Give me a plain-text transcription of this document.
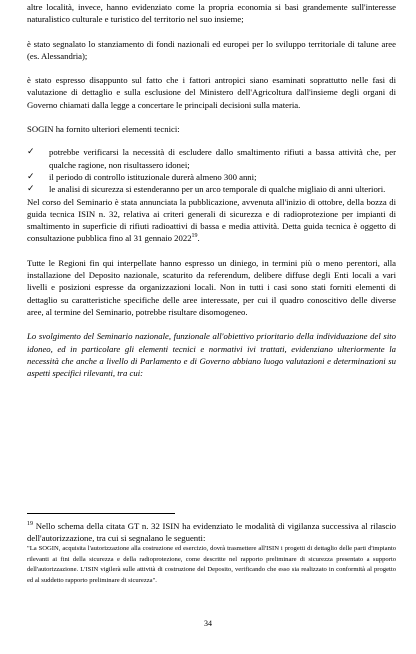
altre località, invece, hanno evidenziato come la propria economia si basi grandemente sull'interesse naturalistico culturale e turistico del territorio nel suo insieme;

è stato segnalato lo stanziamento di fondi nazionali ed europei per lo sviluppo territoriale di talune aree (es. Alessandria);

è stato espresso disappunto sul fatto che i fattori antropici siano esaminati soprattutto nelle fasi di valutazione di dettaglio e sulla esclusione del Ministero dell'Agricoltura dall'insieme degli organi di Governo chiamati dalla legge a concertare le principali decisioni sulla materia.

SOGIN ha fornito ulteriori elementi tecnici:

✓ potrebbe verificarsi la necessità di escludere dallo smaltimento rifiuti a bassa attività che, per qualche ragione, non risultassero idonei;
✓ il periodo di controllo istituzionale durerà almeno 300 anni;
✓ le analisi di sicurezza si estenderanno per un arco temporale di qualche migliaio di anni ulteriori.

Nel corso del Seminario è stata annunciata la pubblicazione, avvenuta all'inizio di ottobre, della bozza di guida tecnica ISIN n. 32, relativa ai criteri generali di sicurezza e di radioprotezione per impianti di smaltimento in superficie di rifiuti radioattivi di bassa e media attività. Detta guida tecnica è oggetto di consultazione pubblica fino al 31 gennaio 2022$^{19}$.

Tutte le Regioni fin qui interpellate hanno espresso un diniego, in termini più o meno perentori, alla installazione del Deposito nazionale, scaturito da referendum, delibere diffuse degli Enti locali a vari livelli e posizioni espresse da organizzazioni locali. Non in tutti i casi sono stati forniti elementi di dettaglio su caratteristiche specifiche delle aree interessate, per cui il quadro conoscitivo delle diverse aree, al termine del Seminario, potrebbe risultare disomogeneo.

Lo svolgimento del Seminario nazionale, funzionale all'obiettivo prioritario della individuazione del sito idoneo, ed in particolare gli elementi tecnici e normativi ivi trattati, evidenziano ulteriormente la necessità che anche a livello di Parlamento e di Governo abbiano luogo valutazioni e determinazioni su aspetti specifici rilevanti, tra cui:

$^{19}$ Nello schema della citata GT n. 32 ISIN ha evidenziato le modalità di vigilanza successiva al rilascio dell'autorizzazione, tra cui si segnalano le seguenti:

"La SOGIN, acquisita l'autorizzazione alla costruzione ed esercizio, dovrà trasmettere all'ISIN i progetti di dettaglio delle parti d'impianto rilevanti ai fini della sicurezza e della radioprotezione, come descritte nel rapporto preliminare di sicurezza presentato a supporto dell'autorizzazione. L'ISIN vigilerà sulle attività di costruzione del Deposito, verificando che esso sia realizzato in conformità al progetto ed al suddetto rapporto preliminare di sicurezza".

34
